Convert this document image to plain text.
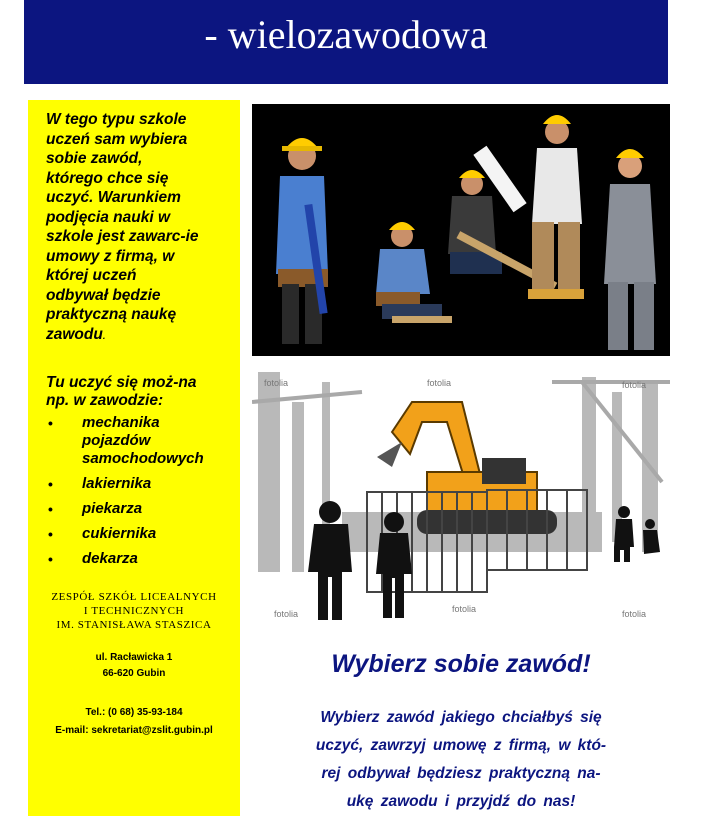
- wielozawodowa

W tego typu szkole
uczeń sam wybiera
sobie zawód,
którego chce się
uczyć. Warunkiem
podjęcia nauki w
szkole jest zawarc-ie
umowy z firmą, w
której uczeń
odbywał będzie
praktyczną naukę
zawodu.

Tu uczyć się moż-na
np. w zawodzie:

• mechanika
pojazdów
samochodowych
• lakiernika
• piekarza
• cukiernika
• dekarza
ZESPÓŁ SZKÓŁ LICEALNYCH
I TECHNICZNYCH
IM. STANISŁAWA STASZICA
ul. Racławicka 1
66-620 Gubin
Tel.: (0 68) 35-93-184
E-mail: sekretariat@zslit.gubin.pl
fotolia	fotolia	fotolia
fotolia	fotolia	fotolia
Wybierz sobie zawód!
Wybierz zawód jakiego chciałbyś się
uczyć, zawrzyj umowę z firmą, w któ-
rej odbywał będziesz praktyczną na-
ukę zawodu i przyjdź do nas!
